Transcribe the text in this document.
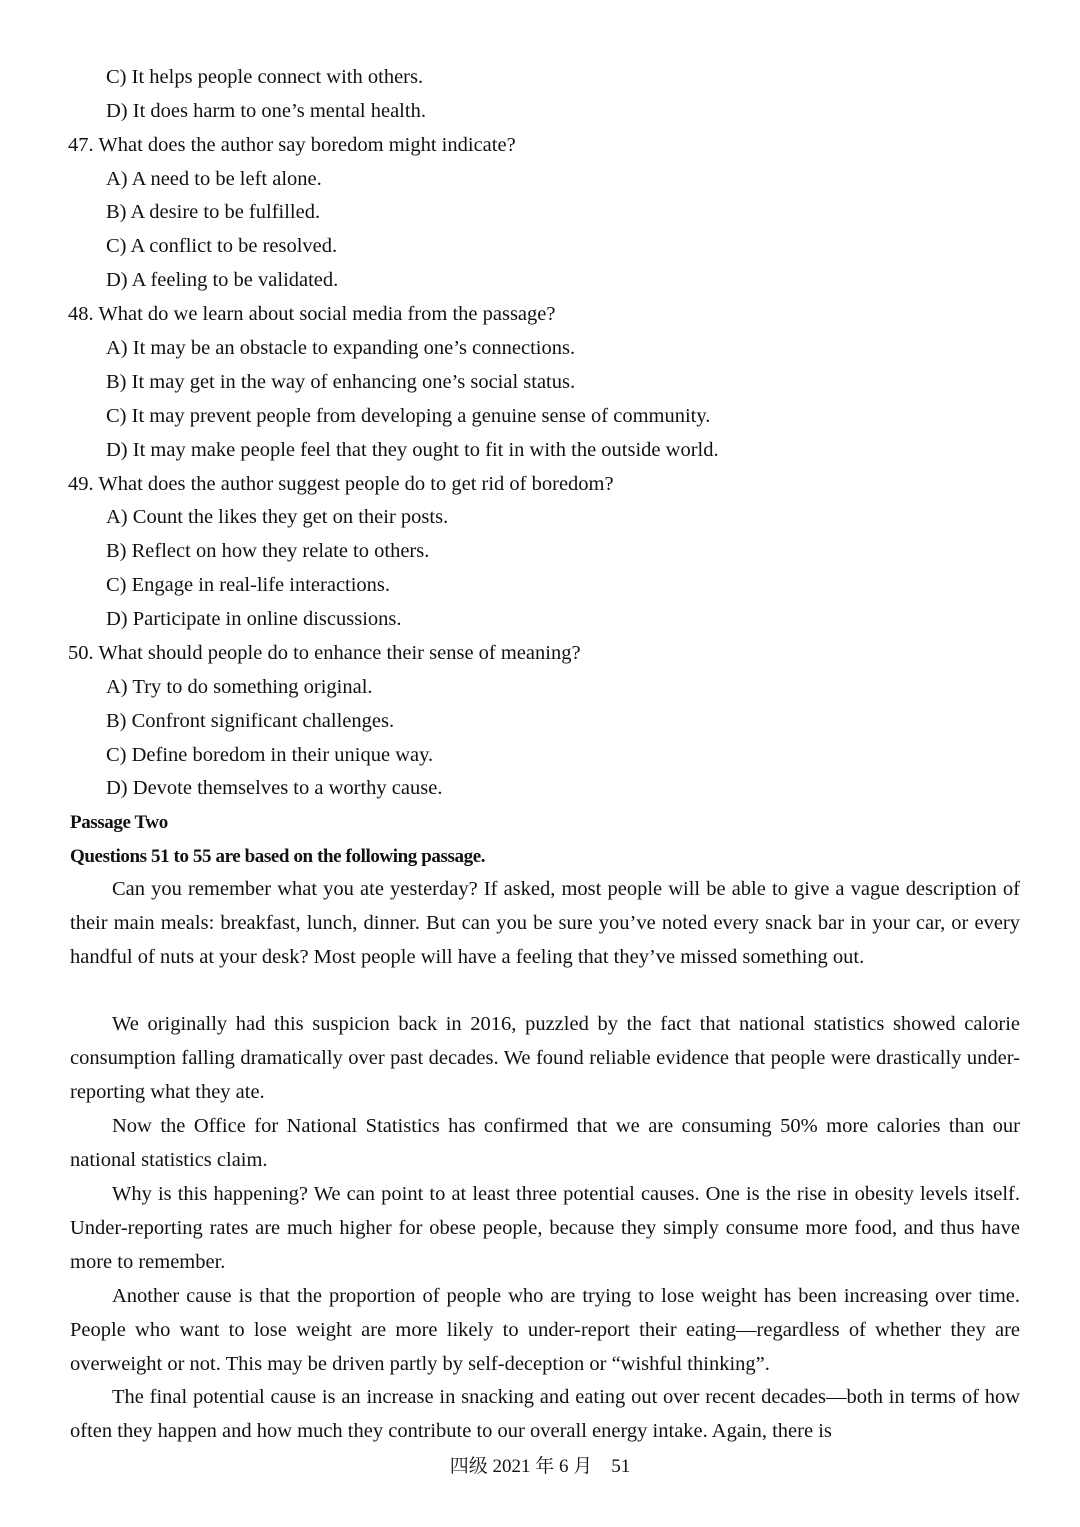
C) It helps people connect with others.
D) It does harm to one’s mental health.
47. What does the author say boredom might indicate?
A) A need to be left alone.
B) A desire to be fulfilled.
C) A conflict to be resolved.
D) A feeling to be validated.
48. What do we learn about social media from the passage?
A) It may be an obstacle to expanding one’s connections.
B) It may get in the way of enhancing one’s social status.
C) It may prevent people from developing a genuine sense of community.
D) It may make people feel that they ought to fit in with the outside world.
49. What does the author suggest people do to get rid of boredom?
A) Count the likes they get on their posts.
B) Reflect on how they relate to others.
C) Engage in real-life interactions.
D) Participate in online discussions.
50. What should people do to enhance their sense of meaning?
A) Try to do something original.
B) Confront significant challenges.
C) Define boredom in their unique way.
D) Devote themselves to a worthy cause.
Passage Two
Questions 51 to 55 are based on the following passage.
Can you remember what you ate yesterday? If asked, most people will be able to give a vague description of their main meals: breakfast, lunch, dinner. But can you be sure you’ve noted every snack bar in your car, or every handful of nuts at your desk? Most people will have a feeling that they’ve missed something out.
We originally had this suspicion back in 2016, puzzled by the fact that national statistics showed calorie consumption falling dramatically over past decades. We found reliable evidence that people were drastically under-reporting what they ate.
Now the Office for National Statistics has confirmed that we are consuming 50% more calories than our national statistics claim.
Why is this happening? We can point to at least three potential causes. One is the rise in obesity levels itself. Under-reporting rates are much higher for obese people, because they simply consume more food, and thus have more to remember.
Another cause is that the proportion of people who are trying to lose weight has been increasing over time. People who want to lose weight are more likely to under-report their eating—regardless of whether they are overweight or not. This may be driven partly by self-deception or “wishful thinking”.
The final potential cause is an increase in snacking and eating out over recent decades—both in terms of how often they happen and how much they contribute to our overall energy intake. Again, there is
四级 2021 年 6 月 51
